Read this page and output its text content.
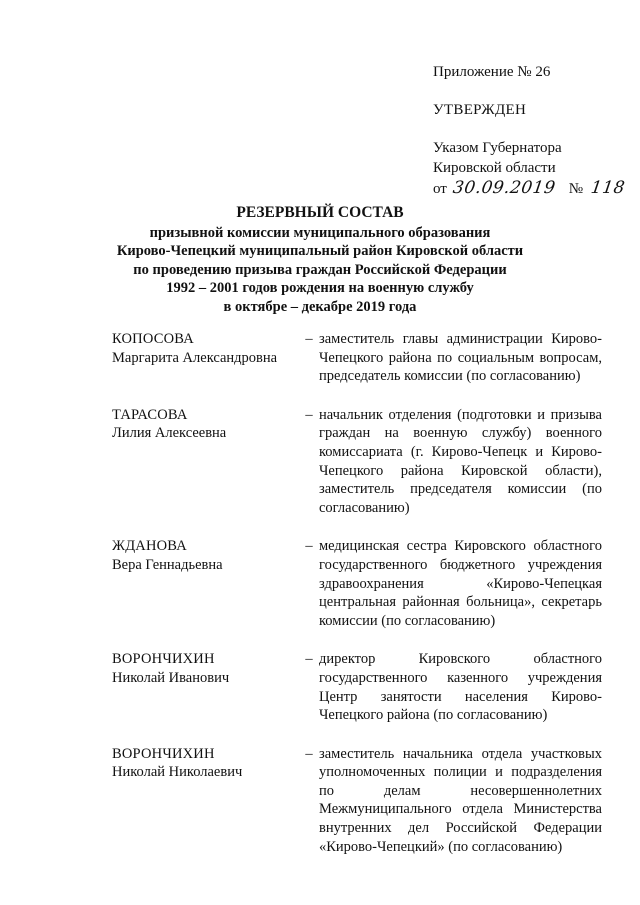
Приложение № 26
УТВЕРЖДЕН
Указом Губернатора
Кировской области
от 30.09.2019 № 118
РЕЗЕРВНЫЙ СОСТАВ
призывной комиссии муниципального образования
Кирово-Чепецкий муниципальный район Кировской области
по проведению призыва граждан Российской Федерации
1992 – 2001 годов рождения на военную службу
в октябре – декабре 2019 года
КОПОСОВА
Маргарита Александровна
– заместитель главы администрации Кирово-Чепецкого района по социальным вопросам, председатель комиссии (по согласованию)
ТАРАСОВА
Лилия Алексеевна
– начальник отделения (подготовки и призыва граждан на военную службу) военного комиссариата (г. Кирово-Чепецк и Кирово-Чепецкого района Кировской области), заместитель председателя комиссии (по согласованию)
ЖДАНОВА
Вера Геннадьевна
– медицинская сестра Кировского областного государственного бюджетного учреждения здравоохранения «Кирово-Чепецкая центральная районная больница», секретарь комиссии (по согласованию)
ВОРОНЧИХИН
Николай Иванович
– директор Кировского областного государственного казенного учреждения Центр занятости населения Кирово-Чепецкого района (по согласованию)
ВОРОНЧИХИН
Николай Николаевич
– заместитель начальника отдела участковых уполномоченных полиции и подразделения по делам несовершеннолетних Межмуниципального отдела Министерства внутренних дел Российской Федерации «Кирово-Чепецкий» (по согласованию)
